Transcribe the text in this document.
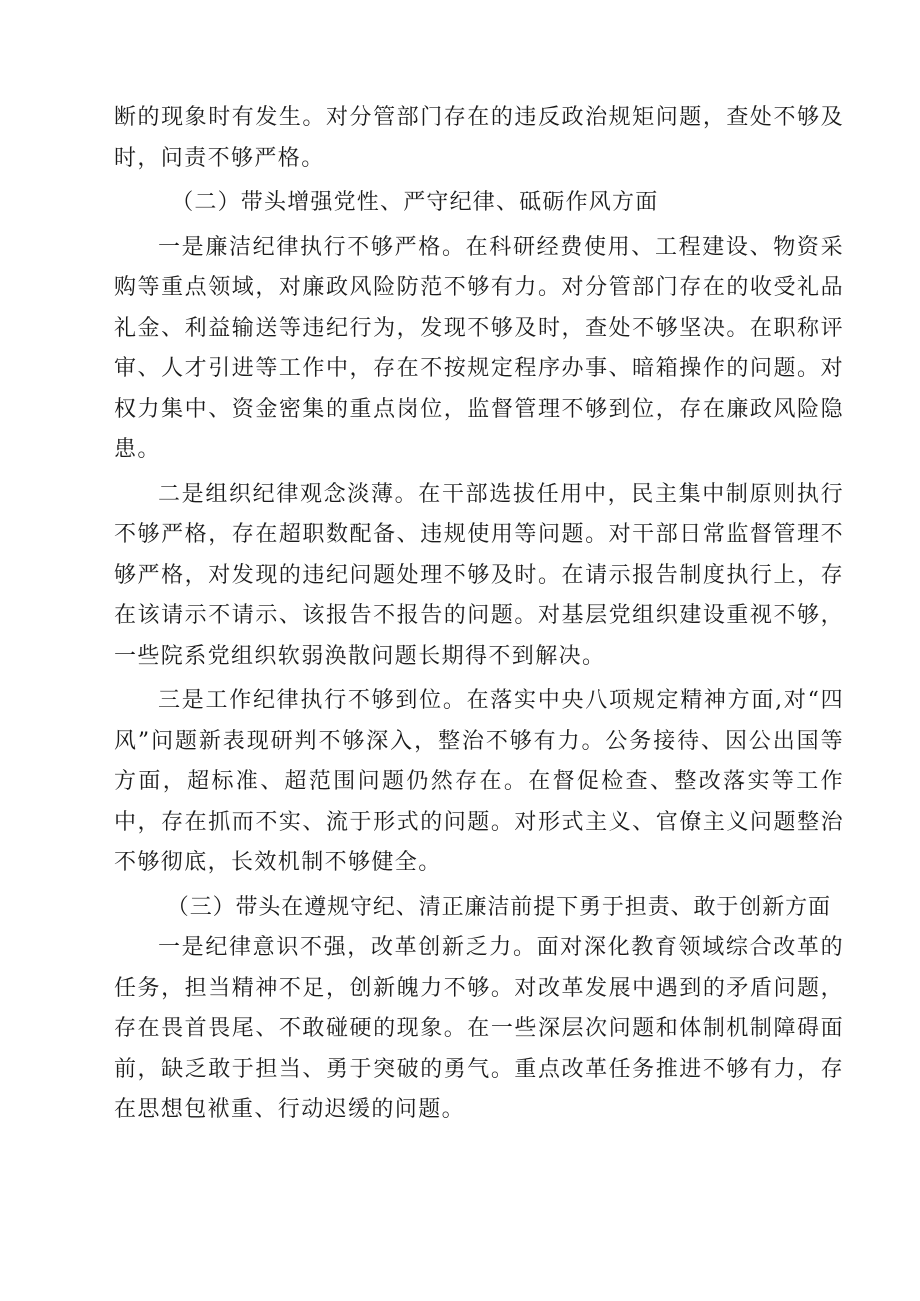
断的现象时有发生。对分管部门存在的违反政治规矩问题，查处不够及时，问责不够严格。

（二）带头增强党性、严守纪律、砥砺作风方面

一是廉洁纪律执行不够严格。在科研经费使用、工程建设、物资采购等重点领域，对廉政风险防范不够有力。对分管部门存在的收受礼品礼金、利益输送等违纪行为，发现不够及时，查处不够坚决。在职称评审、人才引进等工作中，存在不按规定程序办事、暗箱操作的问题。对权力集中、资金密集的重点岗位，监督管理不够到位，存在廉政风险隐患。

二是组织纪律观念淡薄。在干部选拔任用中，民主集中制原则执行不够严格，存在超职数配备、违规使用等问题。对干部日常监督管理不够严格，对发现的违纪问题处理不够及时。在请示报告制度执行上，存在该请示不请示、该报告不报告的问题。对基层党组织建设重视不够，一些院系党组织软弱涣散问题长期得不到解决。

三是工作纪律执行不够到位。在落实中央八项规定精神方面,对“四风”问题新表现研判不够深入，整治不够有力。公务接待、因公出国等方面，超标准、超范围问题仍然存在。在督促检查、整改落实等工作中，存在抓而不实、流于形式的问题。对形式主义、官僚主义问题整治不够彻底，长效机制不够健全。

（三）带头在遵规守纪、清正廉洁前提下勇于担责、敢于创新方面

一是纪律意识不强，改革创新乏力。面对深化教育领域综合改革的任务，担当精神不足，创新魄力不够。对改革发展中遇到的矛盾问题，存在畏首畏尾、不敢碰硬的现象。在一些深层次问题和体制机制障碍面前，缺乏敢于担当、勇于突破的勇气。重点改革任务推进不够有力，存在思想包袱重、行动迟缓的问题。
